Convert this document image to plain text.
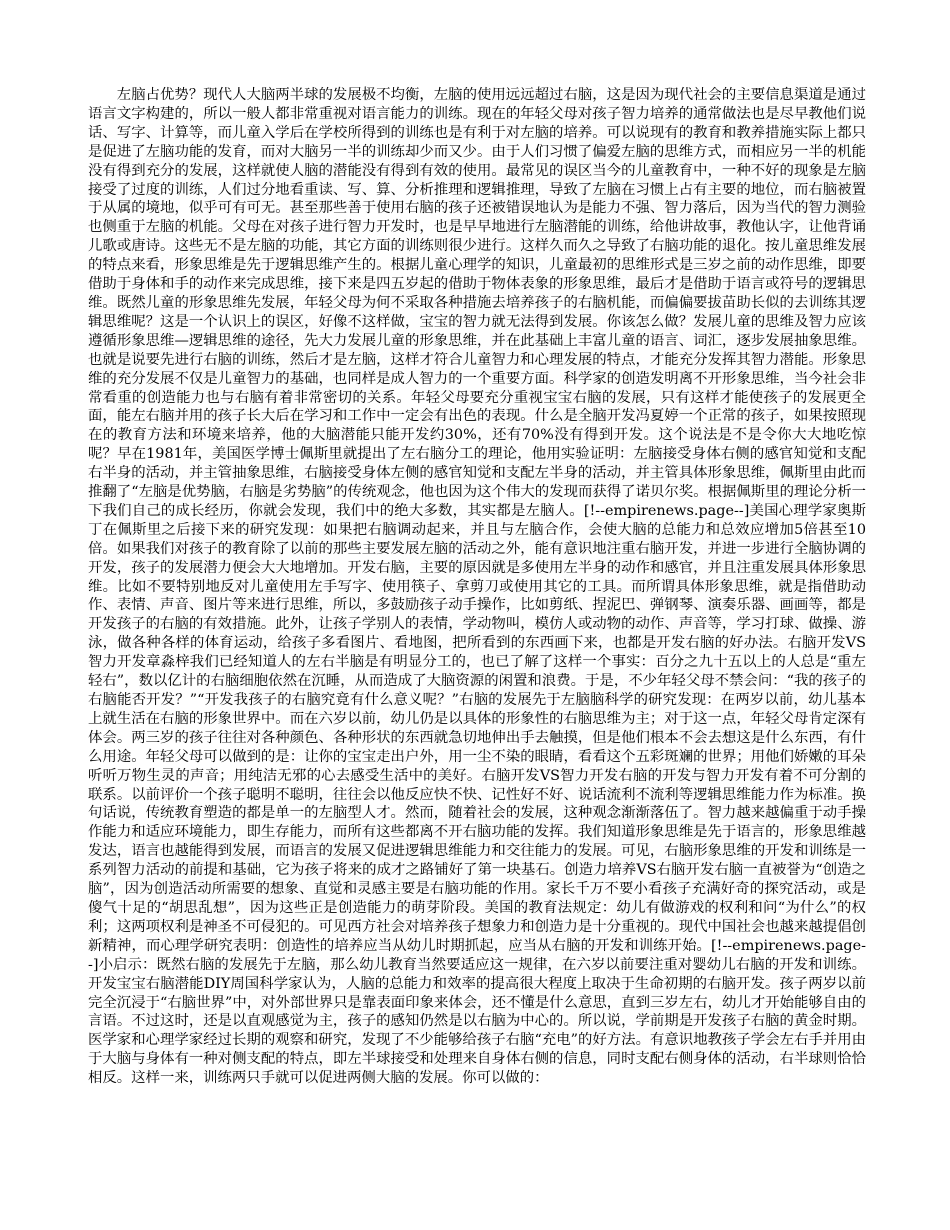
左脑占优势？现代人大脑两半球的发展极不均衡，左脑的使用远远超过右脑，这是因为现代社会的主要信息渠道是通过语言文字构建的，所以一般人都非常重视对语言能力的训练。现在的年轻父母对孩子智力培养的通常做法也是尽早教他们说话、写字、计算等，而儿童入学后在学校所得到的训练也是有利于对左脑的培养。可以说现有的教育和教养措施实际上都只是促进了左脑功能的发育，而对大脑另一半的训练却少而又少。由于人们习惯了偏爱左脑的思维方式，而相应另一半的机能没有得到充分的发展，这样就使人脑的潜能没有得到有效的使用。最常见的误区当今的儿童教育中，一种不好的现象是左脑接受了过度的训练，人们过分地看重读、写、算、分析推理和逻辑推理，导致了左脑在习惯上占有主要的地位，而右脑被置于从属的境地，似乎可有可无。甚至那些善于使用右脑的孩子还被错误地认为是能力不强、智力落后，因为当代的智力测验也侧重于左脑的机能。父母在对孩子进行智力开发时，也是早早地进行左脑潜能的训练，给他讲故事，教他认字，让他背诵儿歌或唐诗。这些无不是左脑的功能，其它方面的训练则很少进行。这样久而久之导致了右脑功能的退化。按儿童思维发展的特点来看，形象思维是先于逻辑思维产生的。根据儿童心理学的知识，儿童最初的思维形式是三岁之前的动作思维，即要借助于身体和手的动作来完成思维，接下来是四五岁起的借助于物体表象的形象思维，最后才是借助于语言或符号的逻辑思维。既然儿童的形象思维先发展，年轻父母为何不采取各种措施去培养孩子的右脑机能，而偏偏要拔苗助长似的去训练其逻辑思维呢？这是一个认识上的误区，好像不这样做，宝宝的智力就无法得到发展。你该怎么做？发展儿童的思维及智力应该遵循形象思维—逻辑思维的途径，先大力发展儿童的形象思维，并在此基础上丰富儿童的语言、词汇，逐步发展抽象思维。也就是说要先进行右脑的训练，然后才是左脑，这样才符合儿童智力和心理发展的特点，才能充分发挥其智力潜能。形象思维的充分发展不仅是儿童智力的基础，也同样是成人智力的一个重要方面。科学家的创造发明离不开形象思维，当今社会非常看重的创造能力也与右脑有着非常密切的关系。年轻父母要充分重视宝宝右脑的发展，只有这样才能使孩子的发展更全面，能左右脑并用的孩子长大后在学习和工作中一定会有出色的表现。什么是全脑开发冯夏婷一个正常的孩子，如果按照现在的教育方法和环境来培养，他的大脑潜能只能开发约30%，还有70%没有得到开发。这个说法是不是令你大大地吃惊呢？早在1981年，美国医学博士佩斯里就提出了左右脑分工的理论，他用实验证明：左脑接受身体右侧的感官知觉和支配右半身的活动，并主管抽象思维，右脑接受身体左侧的感官知觉和支配左半身的活动，并主管具体形象思维，佩斯里由此而推翻了“左脑是优势脑，右脑是劣势脑”的传统观念，他也因为这个伟大的发现而获得了诺贝尔奖。根据佩斯里的理论分析一下我们自己的成长经历，你就会发现，我们中的绝大多数，其实都是左脑人。[!--empirenews.page--]美国心理学家奥斯丁在佩斯里之后接下来的研究发现：如果把右脑调动起来，并且与左脑合作，会使大脑的总能力和总效应增加5倍甚至10倍。如果我们对孩子的教育除了以前的那些主要发展左脑的活动之外，能有意识地注重右脑开发，并进一步进行全脑协调的开发，孩子的发展潜力便会大大地增加。开发右脑，主要的原因就是多使用左半身的动作和感官，并且注重发展具体形象思维。比如不要特别地反对儿童使用左手写字、使用筷子、拿剪刀或使用其它的工具。而所谓具体形象思维，就是指借助动作、表情、声音、图片等来进行思维，所以，多鼓励孩子动手操作，比如剪纸、捏泥巴、弹钢琴、演奏乐器、画画等，都是开发孩子的右脑的有效措施。此外，让孩子学别人的表情，学动物叫，模仿人或动物的动作、声音等，学习打球、做操、游泳，做各种各样的体育运动，给孩子多看图片、看地图，把所看到的东西画下来，也都是开发右脑的好办法。右脑开发VS智力开发章淼梓我们已经知道人的左右半脑是有明显分工的，也已了解了这样一个事实：百分之九十五以上的人总是“重左轻右”，数以亿计的右脑细胞依然在沉睡，从而造成了大脑资源的闲置和浪费。于是，不少年轻父母不禁会问：“我的孩子的右脑能否开发？”“开发我孩子的右脑究竟有什么意义呢？”右脑的发展先于左脑脑科学的研究发现：在两岁以前，幼儿基本上就生活在右脑的形象世界中。而在六岁以前，幼儿仍是以具体的形象性的右脑思维为主；对于这一点，年轻父母肯定深有体会。两三岁的孩子往往对各种颜色、各种形状的东西就急切地伸出手去触摸，但是他们根本不会去想这是什么东西，有什么用途。年轻父母可以做到的是：让你的宝宝走出户外，用一尘不染的眼睛，看看这个五彩斑斓的世界；用他们娇嫩的耳朵听听万物生灵的声音；用纯洁无邪的心去感受生活中的美好。右脑开发VS智力开发右脑的开发与智力开发有着不可分割的联系。以前评价一个孩子聪明不聪明，往往会以他反应快不快、记性好不好、说话流利不流利等逻辑思维能力作为标准。换句话说，传统教育塑造的都是单一的左脑型人才。然而，随着社会的发展，这种观念渐渐落伍了。智力越来越偏重于动手操作能力和适应环境能力，即生存能力，而所有这些都离不开右脑功能的发挥。我们知道形象思维是先于语言的，形象思维越发达，语言也越能得到发展，而语言的发展又促进逻辑思维能力和交往能力的发展。可见，右脑形象思维的开发和训练是一系列智力活动的前提和基础，它为孩子将来的成才之路铺好了第一块基石。创造力培养VS右脑开发右脑一直被誉为“创造之脑”，因为创造活动所需要的想象、直觉和灵感主要是右脑功能的作用。家长千万不要小看孩子充满好奇的探究活动，或是傻气十足的“胡思乱想”，因为这些正是创造能力的萌芽阶段。美国的教育法规定：幼儿有做游戏的权利和问“为什么”的权利；这两项权利是神圣不可侵犯的。可见西方社会对培养孩子想象力和创造力是十分重视的。现代中国社会也越来越提倡创新精神，而心理学研究表明：创造性的培养应当从幼儿时期抓起，应当从右脑的开发和训练开始。[!--empirenews.page--]小启示：既然右脑的发展先于左脑，那么幼儿教育当然要适应这一规律，在六岁以前要注重对婴幼儿右脑的开发和训练。开发宝宝右脑潜能DIY周国科学家认为，人脑的总能力和效率的提高很大程度上取决于生命初期的右脑开发。孩子两岁以前完全沉浸于“右脑世界”中，对外部世界只是靠表面印象来体会，还不懂是什么意思，直到三岁左右，幼儿才开始能够自由的言语。不过这时，还是以直观感觉为主，孩子的感知仍然是以右脑为中心的。所以说，学前期是开发孩子右脑的黄金时期。医学家和心理学家经过长期的观察和研究，发现了不少能够给孩子右脑“充电”的好方法。有意识地教孩子学会左右手并用由于大脑与身体有一种对侧支配的特点，即左半球接受和处理来自身体右侧的信息，同时支配右侧身体的活动，右半球则恰恰相反。这样一来，训练两只手就可以促进两侧大脑的发展。你可以做的：
